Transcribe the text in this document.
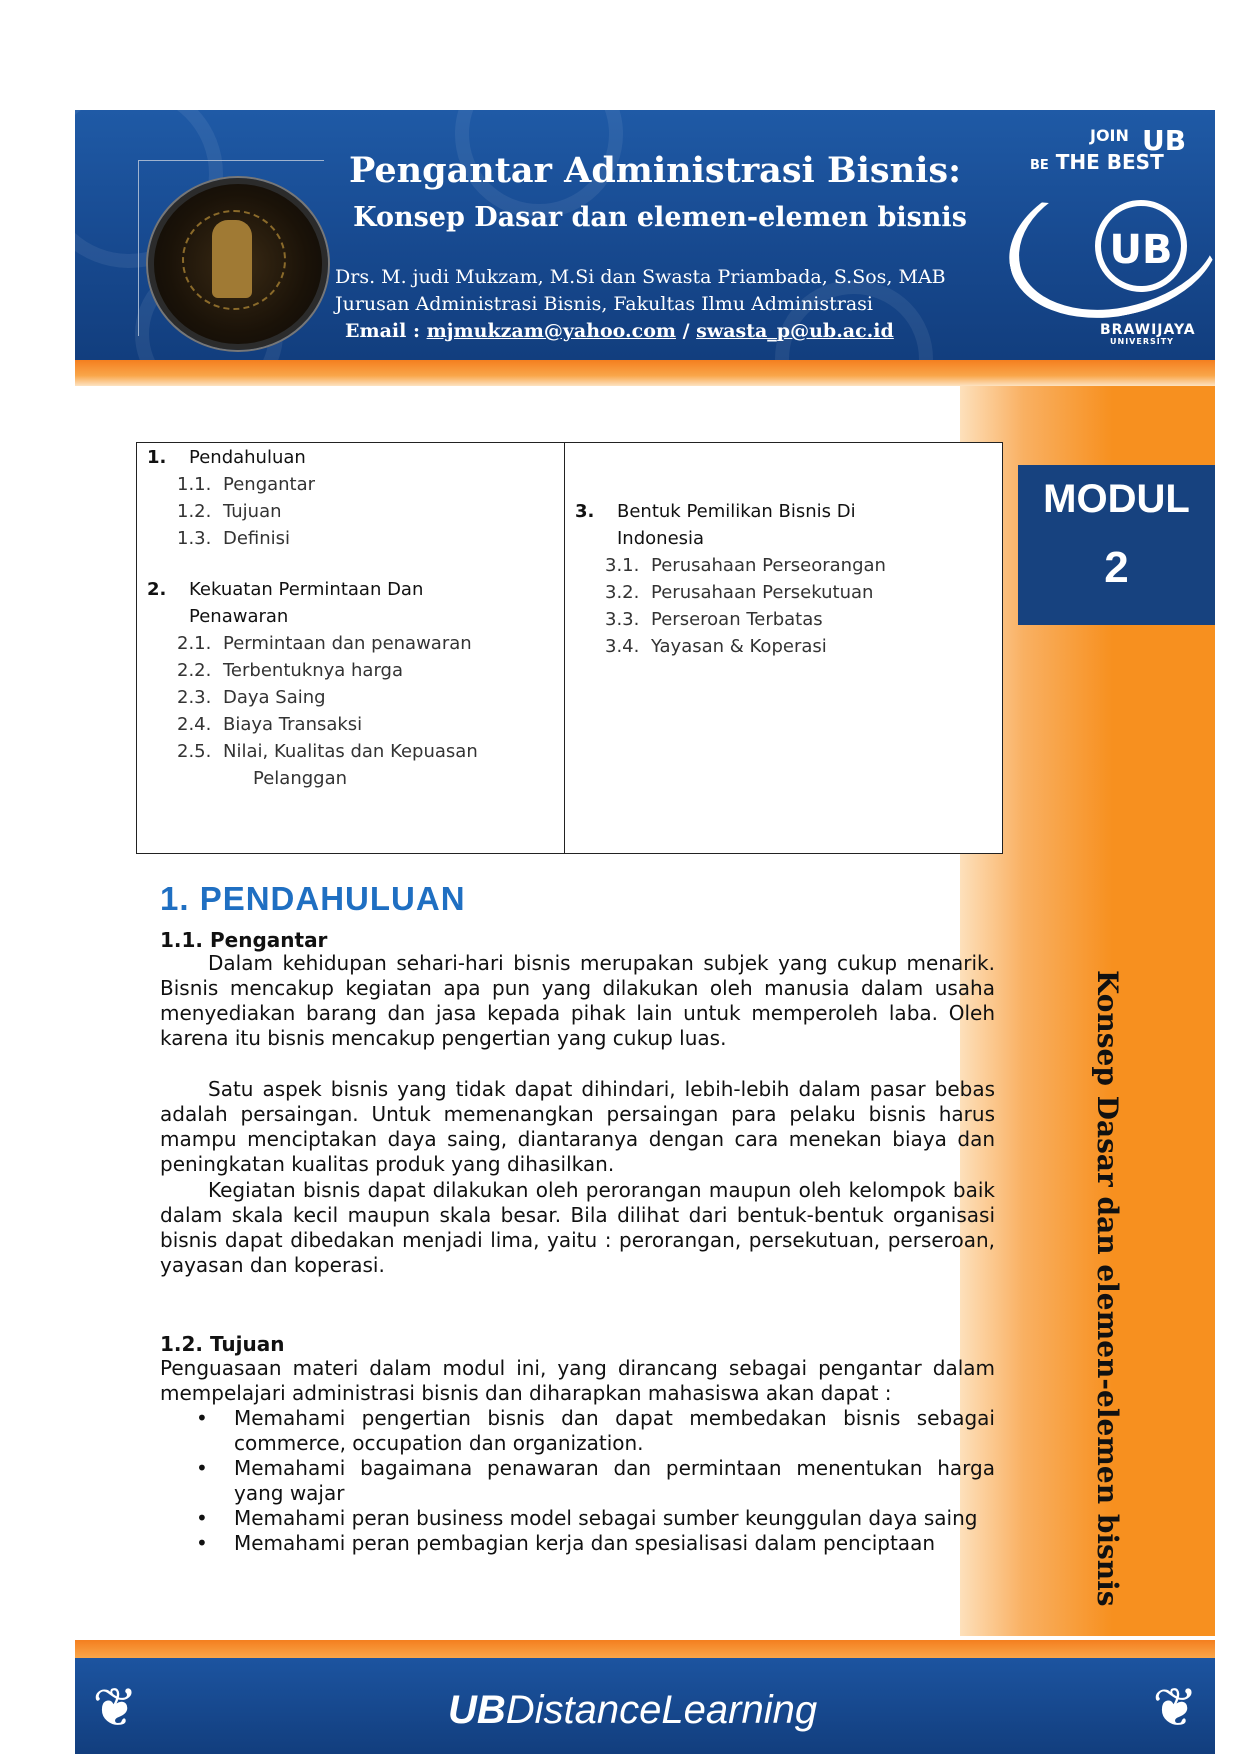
Pengantar Administrasi Bisnis:
Konsep Dasar dan elemen-elemen bisnis
Drs. M. judi Mukzam, M.Si dan Swasta Priambada, S.Sos, MAB
Jurusan Administrasi Bisnis, Fakultas Ilmu Administrasi
Email : mjmukzam@yahoo.com / swasta_p@ub.ac.id
JOIN UB
BE THE BEST
UB
BRAWIJAYA
UNIVERSITY
MODUL
2
Konsep Dasar dan elemen-elemen bisnis
1. Pendahuluan
1.1. Pengantar
1.2. Tujuan
1.3. Definisi
2. Kekuatan Permintaan Dan
Penawaran
2.1. Permintaan dan penawaran
2.2. Terbentuknya harga
2.3. Daya Saing
2.4. Biaya Transaksi
2.5. Nilai, Kualitas dan Kepuasan
Pelanggan
3. Bentuk Pemilikan Bisnis Di
Indonesia
3.1. Perusahaan Perseorangan
3.2. Perusahaan Persekutuan
3.3. Perseroan Terbatas
3.4. Yayasan & Koperasi
1. PENDAHULUAN
1.1. Pengantar
Dalam kehidupan sehari-hari bisnis merupakan subjek yang cukup menarik. Bisnis mencakup kegiatan apa pun yang dilakukan oleh manusia dalam usaha menyediakan barang dan jasa kepada pihak lain untuk memperoleh laba. Oleh karena itu bisnis mencakup pengertian yang cukup luas.
Satu aspek bisnis yang tidak dapat dihindari, lebih-lebih dalam pasar bebas adalah persaingan. Untuk memenangkan persaingan para pelaku bisnis harus mampu menciptakan daya saing, diantaranya dengan cara menekan biaya dan peningkatan kualitas produk yang dihasilkan.
Kegiatan bisnis dapat dilakukan oleh perorangan maupun oleh kelompok baik dalam skala kecil maupun skala besar. Bila dilihat dari bentuk-bentuk organisasi bisnis dapat dibedakan menjadi lima, yaitu : perorangan, persekutuan, perseroan, yayasan dan koperasi.
1.2. Tujuan
Penguasaan materi dalam modul ini, yang dirancang sebagai pengantar dalam mempelajari administrasi bisnis dan diharapkan mahasiswa akan dapat :
• Memahami pengertian bisnis dan dapat membedakan bisnis sebagai commerce, occupation dan organization.
• Memahami bagaimana penawaran dan permintaan menentukan harga yang wajar
• Memahami peran business model sebagai sumber keunggulan daya saing
• Memahami peran pembagian kerja dan spesialisasi dalam penciptaan
❦	❦
UBDistanceLearning
